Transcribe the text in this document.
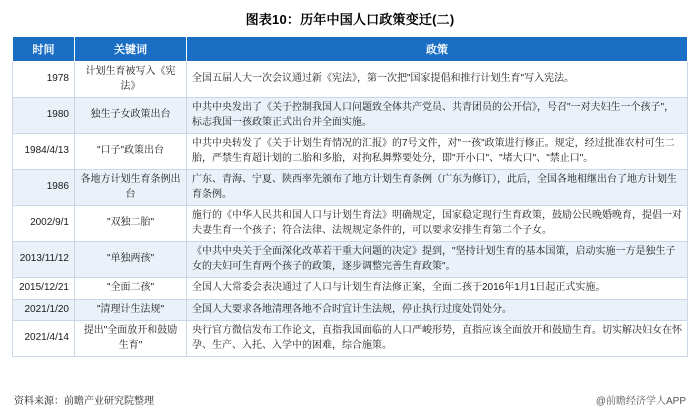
图表10：历年中国人口政策变迁(二)
时间	关键词	政策
1978	计划生育被写入《宪法》	全国五届人大一次会议通过新《宪法》，第一次把"国家提倡和推行计划生育"写入宪法。
1980	独生子女政策出台	中共中央发出了《关于控制我国人口问题致全体共产党员、共青团员的公开信》，号召"一对夫妇生一个孩子"，标志我国一孩政策正式出台并全面实施。
1984/4/13	"口子"政策出台	中共中央转发了《关于计划生育情况的汇报》的7号文件，对"一孩"政策进行修正。规定，经过批准农村可生二胎，严禁生育超计划的二胎和多胎，对拘私舞弊要处分，即"开小口"、"堵大口"、"禁止口"。
1986	各地方计划生育条例出台	广东、青海、宁夏、陕西率先颁布了地方计划生育条例（广东为修订），此后，全国各地相继出台了地方计划生育条例。
2002/9/1	"双独二胎"	施行的《中华人民共和国人口与计划生育法》明确规定，国家稳定现行生育政策，鼓励公民晚婚晚育，提倡一对夫妻生育一个孩子；符合法律、法规规定条件的，可以要求安排生育第二个子女。
2013/11/12	"单独两孩"	《中共中央关于全面深化改革若干重大问题的决定》提到，"坚持计划生育的基本国策，启动实施一方是独生子女的夫妇可生育两个孩子的政策，逐步调整完善生育政策"。
2015/12/21	"全面二孩"	全国人大常委会表决通过了人口与计划生育法修正案，全面二孩于2016年1月1日起正式实施。
2021/1/20	"清理计生法规"	全国人大要求各地清理各地不合时宜计生法规，停止执行过度处罚处分。
2021/4/14	提出"全面放开和鼓励生育"	央行官方微信发布工作论文，直指我国面临的人口严峻形势，直指应该全面放开和鼓励生育。切实解决妇女在怀孕、生产、入托、入学中的困难，综合施策。
资料来源：前瞻产业研究院整理	@前瞻经济学人APP
